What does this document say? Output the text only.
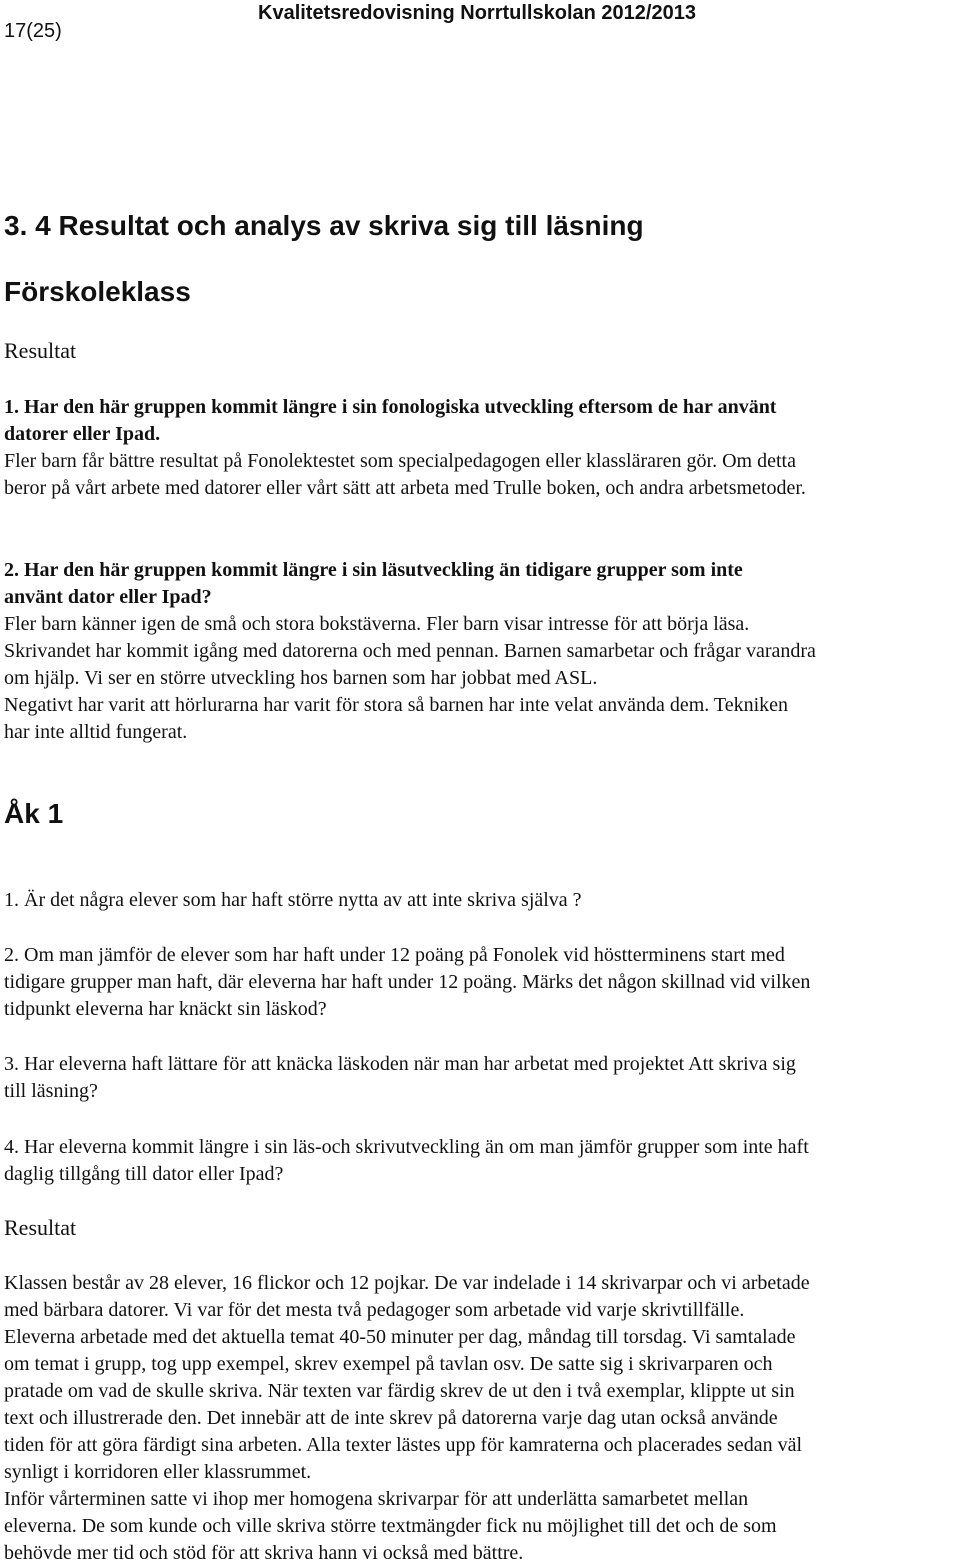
17(25)
Kvalitetsredovisning Norrtullskolan 2012/2013
3. 4 Resultat och analys av skriva sig till läsning
Förskoleklass
Resultat
1. Har den här gruppen kommit längre i sin fonologiska utveckling eftersom de har använt
datorer eller Ipad.
Fler barn får bättre resultat på Fonolektestet som specialpedagogen eller klassläraren gör. Om detta
beror på vårt arbete med datorer eller vårt sätt att arbeta med Trulle boken, och andra arbetsmetoder.
2. Har den här gruppen kommit längre i sin läsutveckling än tidigare grupper som inte
använt dator eller Ipad?
Fler barn känner igen de små och stora bokstäverna. Fler barn visar intresse för att börja läsa.
Skrivandet har kommit igång med datorerna och med pennan. Barnen samarbetar och frågar varandra
om hjälp. Vi ser en större utveckling hos barnen som har jobbat med ASL.
Negativt har varit att hörlurarna har varit för stora så barnen har inte velat använda dem. Tekniken
har inte alltid fungerat.
Åk 1
1. Är det några elever som har haft större nytta av att inte skriva själva ?
2. Om man jämför de elever som har haft under 12 poäng på Fonolek vid höstterminens start med
tidigare grupper man haft, där eleverna har haft under 12 poäng. Märks det någon skillnad vid vilken
tidpunkt eleverna har knäckt sin läskod?
3. Har eleverna haft lättare för att knäcka läskoden när man har arbetat med projektet Att skriva sig
till läsning?
4. Har eleverna kommit längre i sin läs-och skrivutveckling än om man jämför grupper som inte haft
daglig tillgång till dator eller Ipad?
Resultat
Klassen består av 28 elever, 16 flickor och 12 pojkar. De var indelade i 14 skrivarpar och vi arbetade
med bärbara datorer. Vi var för det mesta två pedagoger som arbetade vid varje skrivtillfälle.
Eleverna arbetade med det aktuella temat 40-50 minuter per dag, måndag till torsdag. Vi samtalade
om temat i grupp, tog upp exempel, skrev exempel på tavlan osv. De satte sig i skrivarparen och
pratade om vad de skulle skriva. När texten var färdig skrev de ut den i två exemplar, klippte ut sin
text och illustrerade den. Det innebär att de inte skrev på datorerna varje dag utan också använde
tiden för att göra färdigt sina arbeten. Alla texter lästes upp för kamraterna och placerades sedan väl
synligt i korridoren eller klassrummet.
Inför vårterminen satte vi ihop mer homogena skrivarpar för att underlätta samarbetet mellan
eleverna. De som kunde och ville skriva större textmängder fick nu möjlighet till det och de som
behövde mer tid och stöd för att skriva hann vi också med bättre.
